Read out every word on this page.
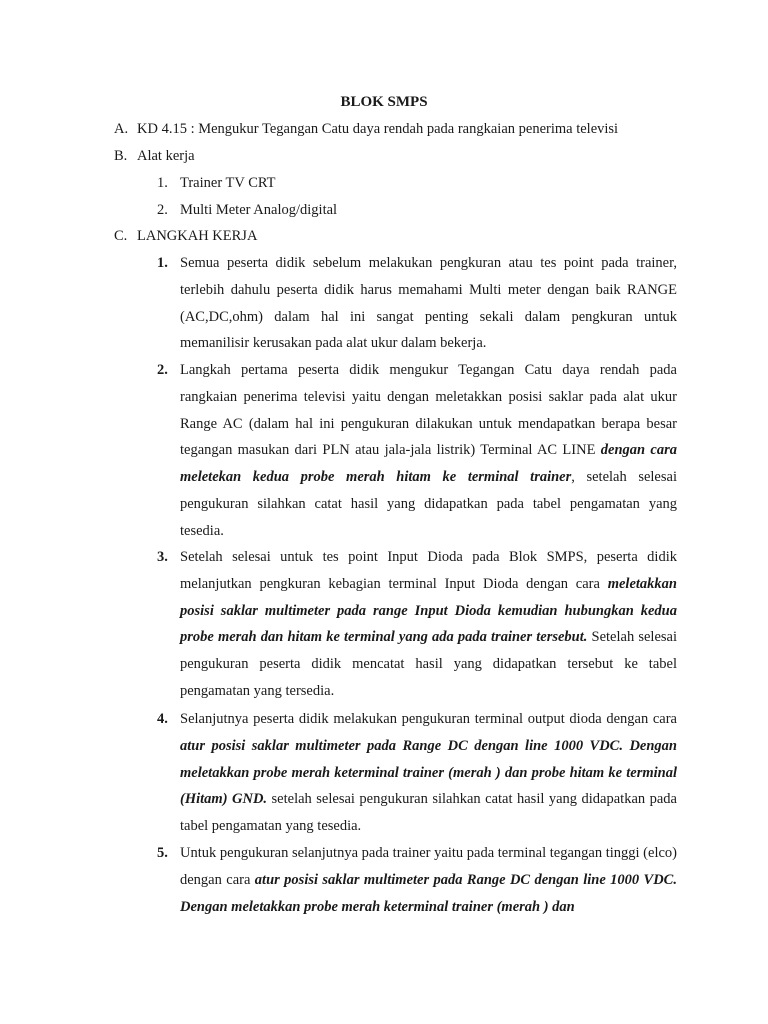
BLOK SMPS
A. KD 4.15 : Mengukur Tegangan Catu daya rendah pada rangkaian penerima televisi
B. Alat kerja
1. Trainer TV CRT
2. Multi Meter Analog/digital
C. LANGKAH KERJA
1. Semua peserta didik sebelum melakukan pengkuran atau tes point pada trainer, terlebih dahulu peserta didik harus memahami Multi meter dengan baik RANGE (AC,DC,ohm) dalam hal ini sangat penting sekali dalam pengkuran untuk memanilisir kerusakan pada alat ukur dalam bekerja.
2. Langkah pertama peserta didik mengukur Tegangan Catu daya rendah pada rangkaian penerima televisi yaitu dengan meletakkan posisi saklar pada alat ukur Range AC (dalam hal ini pengukuran dilakukan untuk mendapatkan berapa besar tegangan masukan dari PLN atau jala-jala listrik) Terminal AC LINE dengan cara meletekan kedua probe merah hitam ke terminal trainer, setelah selesai pengukuran silahkan catat hasil yang didapatkan pada tabel pengamatan yang tesedia.
3. Setelah selesai untuk tes point Input Dioda pada Blok SMPS, peserta didik melanjutkan pengkuran kebagian terminal Input Dioda dengan cara meletakkan posisi saklar multimeter pada range Input Dioda kemudian hubungkan kedua probe merah dan hitam ke terminal yang ada pada trainer tersebut. Setelah selesai pengukuran peserta didik mencatat hasil yang didapatkan tersebut ke tabel pengamatan yang tersedia.
4. Selanjutnya peserta didik melakukan pengukuran terminal output dioda dengan cara atur posisi saklar multimeter pada Range DC dengan line 1000 VDC. Dengan meletakkan probe merah keterminal trainer (merah ) dan probe hitam ke terminal (Hitam) GND. setelah selesai pengukuran silahkan catat hasil yang didapatkan pada tabel pengamatan yang tesedia.
5. Untuk pengukuran selanjutnya pada trainer yaitu pada terminal tegangan tinggi (elco) dengan cara atur posisi saklar multimeter pada Range DC dengan line 1000 VDC. Dengan meletakkan probe merah keterminal trainer (merah ) dan
